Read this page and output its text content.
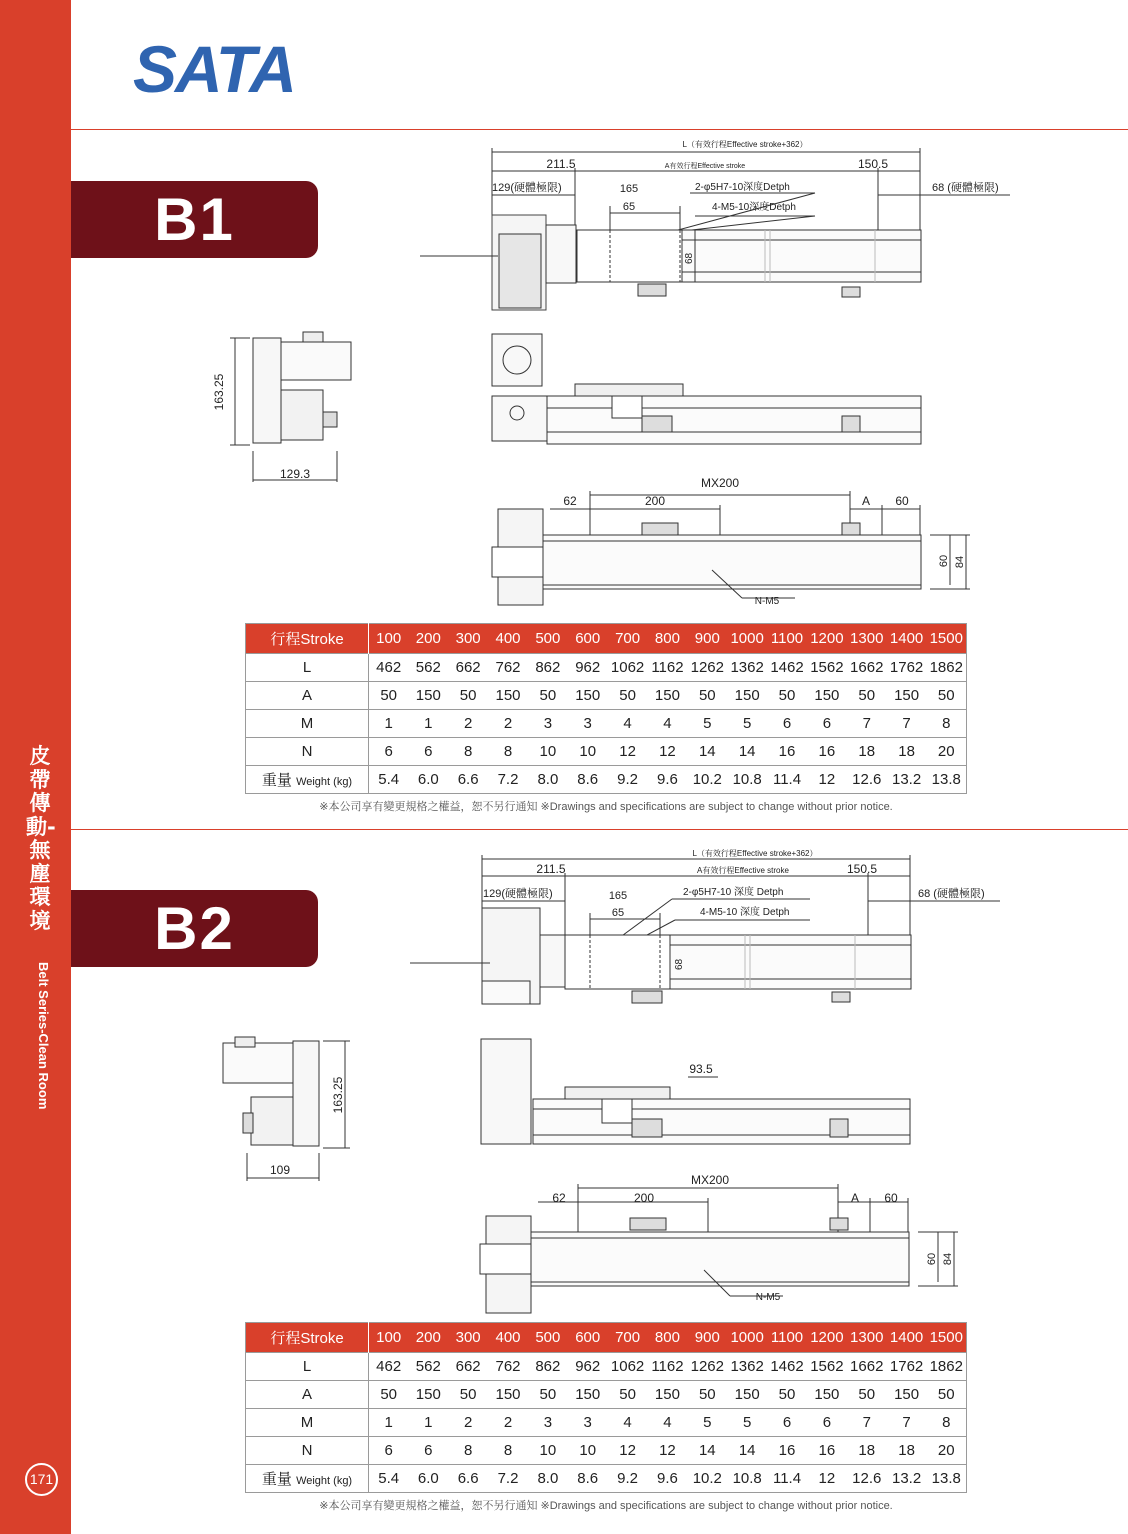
皮帶傳動-無塵環境
Belt Series-Clean Room
171
SATA
B1
L（有效行程Effective stroke+362）
211.5	A有效行程Effective stroke	150.5
129(硬體極限)	68 (硬體極限)
165
65
2-φ5H7-10深度Detph
4-M5-10深度Detph
68
163.25
129.3
MX200
62	200	A 60
60 84
N-M5
行程Stroke	100	200	300	400	500	600	700	800	900	1000	1100	1200	1300	1400	1500
L	462	562	662	762	862	962	1062	1162	1262	1362	1462	1562	1662	1762	1862
A	50	150	50	150	50	150	50	150	50	150	50	150	50	150	50
M	1	1	2	2	3	3	4	4	5	5	6	6	7	7	8
N	6	6	8	8	10	10	12	12	14	14	16	16	18	18	20
重量 Weight (kg)	5.4	6.0	6.6	7.2	8.0	8.6	9.2	9.6	10.2	10.8	11.4	12	12.6	13.2	13.8
※本公司享有變更規格之權益，恕不另行通知 ※Drawings and specifications are subject to change without prior notice.
B2
L（有效行程Effective stroke+362）
211.5	A有效行程Effective stroke	150.5
129(硬體極限)	68 (硬體極限)
165
65
2-φ5H7-10 深度 Detph
4-M5-10 深度 Detph
68
163.25
109
93.5
MX200
62	200	A 60
60 84
N-M5
行程Stroke	100	200	300	400	500	600	700	800	900	1000	1100	1200	1300	1400	1500
L	462	562	662	762	862	962	1062	1162	1262	1362	1462	1562	1662	1762	1862
A	50	150	50	150	50	150	50	150	50	150	50	150	50	150	50
M	1	1	2	2	3	3	4	4	5	5	6	6	7	7	8
N	6	6	8	8	10	10	12	12	14	14	16	16	18	18	20
重量 Weight (kg)	5.4	6.0	6.6	7.2	8.0	8.6	9.2	9.6	10.2	10.8	11.4	12	12.6	13.2	13.8
※本公司享有變更規格之權益，恕不另行通知 ※Drawings and specifications are subject to change without prior notice.
